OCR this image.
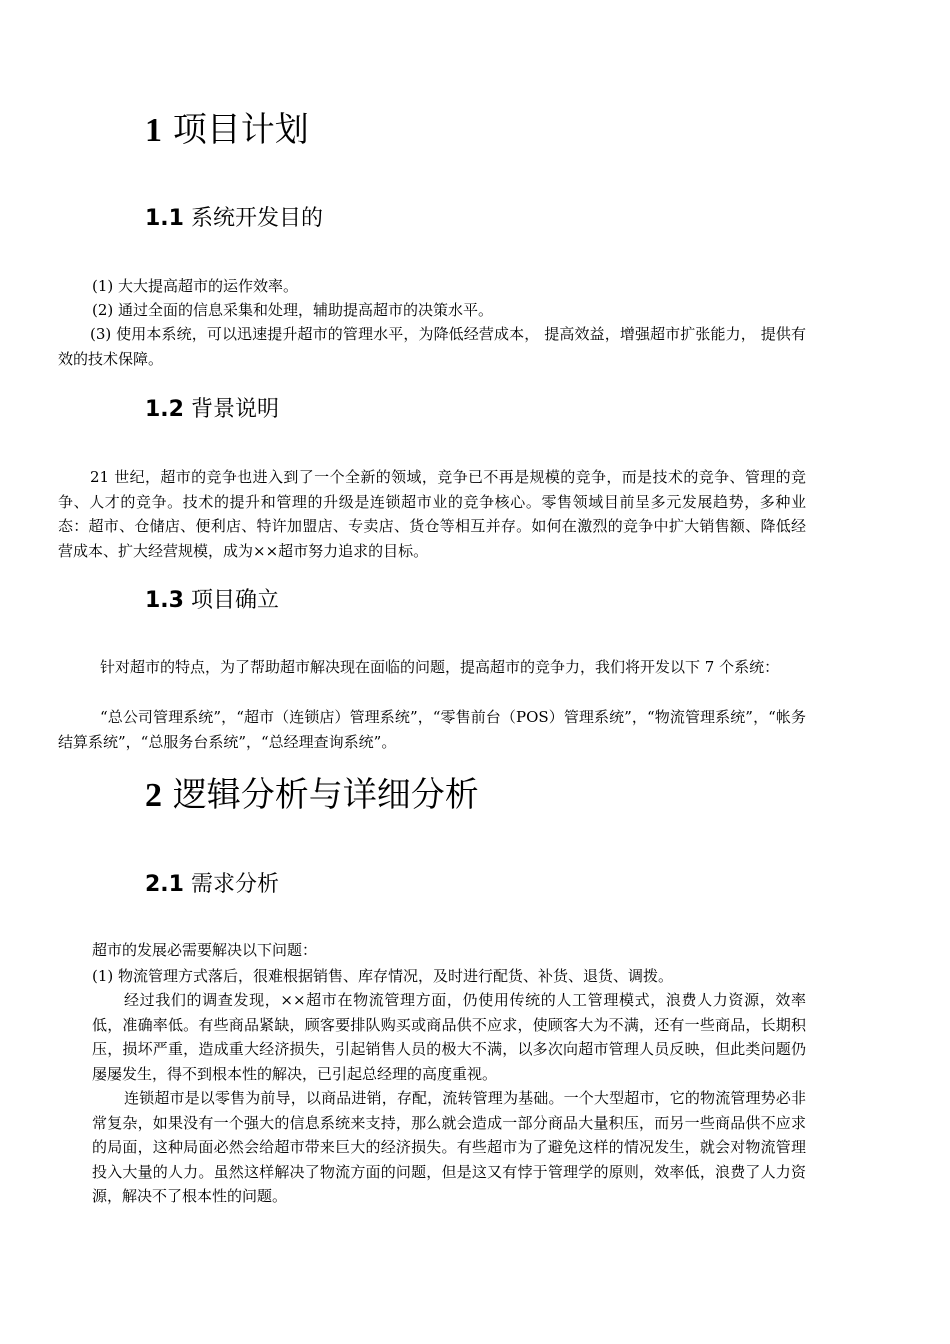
1 项目计划
1.1 系统开发目的
(1) 大大提高超市的运作效率。
(2) 通过全面的信息采集和处理，辅助提高超市的决策水平。
(3) 使用本系统，可以迅速提升超市的管理水平，为降低经营成本， 提高效益，增强超市扩张能力， 提供有效的技术保障。
1.2 背景说明
21 世纪，超市的竞争也进入到了一个全新的领域，竞争已不再是规模的竞争，而是技术的竞争、管理的竞争、人才的竞争。技术的提升和管理的升级是连锁超市业的竞争核心。零售领域目前呈多元发展趋势，多种业态：超市、仓储店、便利店、特许加盟店、专卖店、货仓等相互并存。如何在激烈的竞争中扩大销售额、降低经营成本、扩大经营规模，成为××超市努力追求的目标。
1.3 项目确立
针对超市的特点，为了帮助超市解决现在面临的问题，提高超市的竞争力，我们将开发以下 7 个系统：
“总公司管理系统”，“超市（连锁店）管理系统”，“零售前台（POS）管理系统”，“物流管理系统”，“帐务结算系统”，“总服务台系统”，“总经理查询系统”。
2 逻辑分析与详细分析
2.1 需求分析
超市的发展必需要解决以下问题：
(1) 物流管理方式落后，很难根据销售、库存情况，及时进行配货、补货、退货、调拨。
经过我们的调查发现，××超市在物流管理方面，仍使用传统的人工管理模式，浪费人力资源，效率低，准确率低。有些商品紧缺，顾客要排队购买或商品供不应求，使顾客大为不满，还有一些商品，长期积压，损坏严重，造成重大经济损失，引起销售人员的极大不满，以多次向超市管理人员反映，但此类问题仍屡屡发生，得不到根本性的解决，已引起总经理的高度重视。
连锁超市是以零售为前导，以商品进销，存配，流转管理为基础。一个大型超市，它的物流管理势必非常复杂，如果没有一个强大的信息系统来支持，那么就会造成一部分商品大量积压，而另一些商品供不应求的局面，这种局面必然会给超市带来巨大的经济损失。有些超市为了避免这样的情况发生，就会对物流管理投入大量的人力。虽然这样解决了物流方面的问题，但是这又有悖于管理学的原则，效率低，浪费了人力资源，解决不了根本性的问题。
